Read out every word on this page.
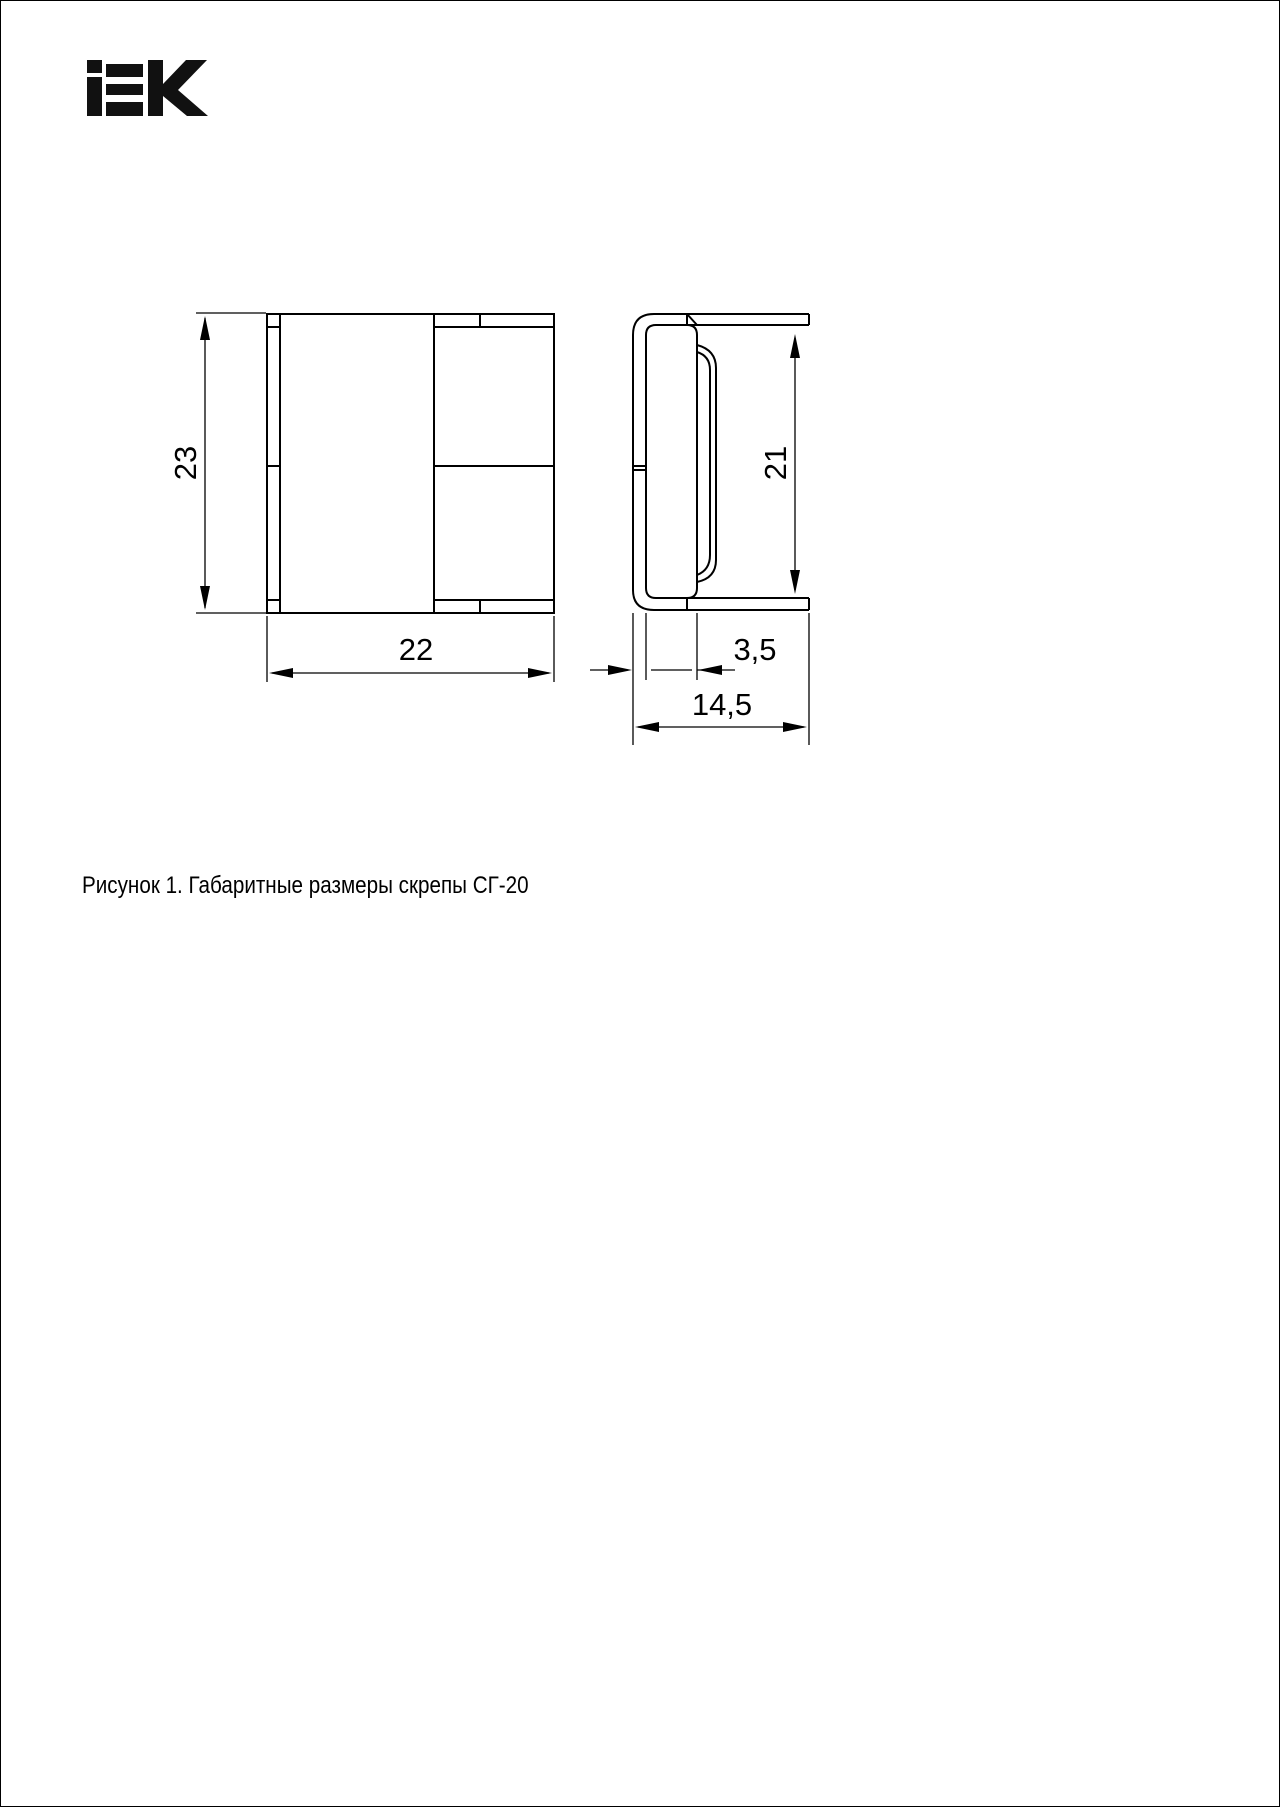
23
22
21
3,5
14,5
Рисунок 1. Габаритные размеры скрепы СГ-20
